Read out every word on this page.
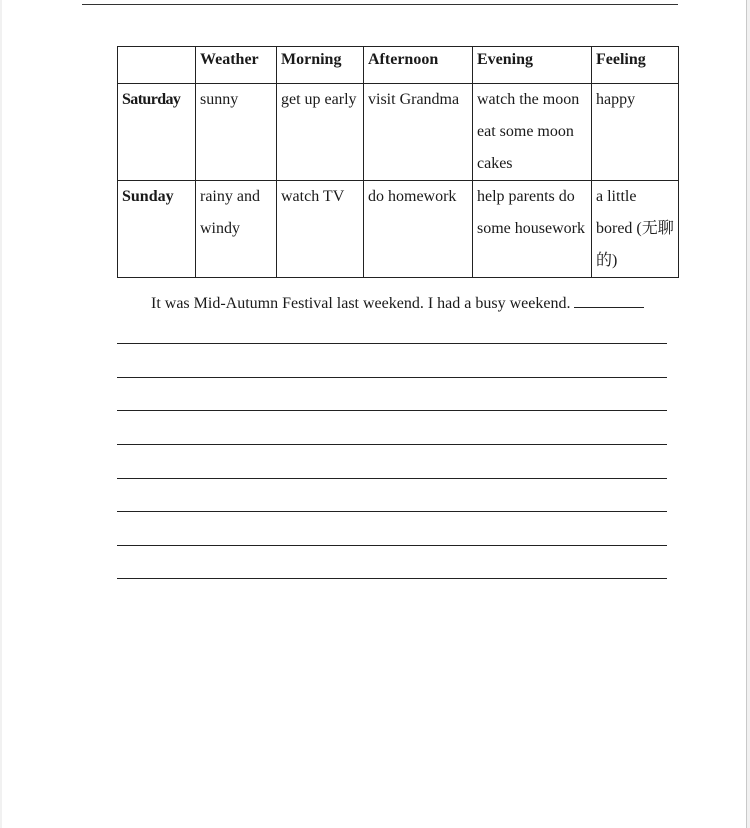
	Weather	Morning	Afternoon	Evening	Feeling
Saturday	sunny	get up early	visit Grandma	watch the moon eat some moon cakes	happy
Sunday	rainy and windy	watch TV	do homework	help parents do some housework	a little bored (无聊的)
It was Mid-Autumn Festival last weekend. I had a busy weekend.
